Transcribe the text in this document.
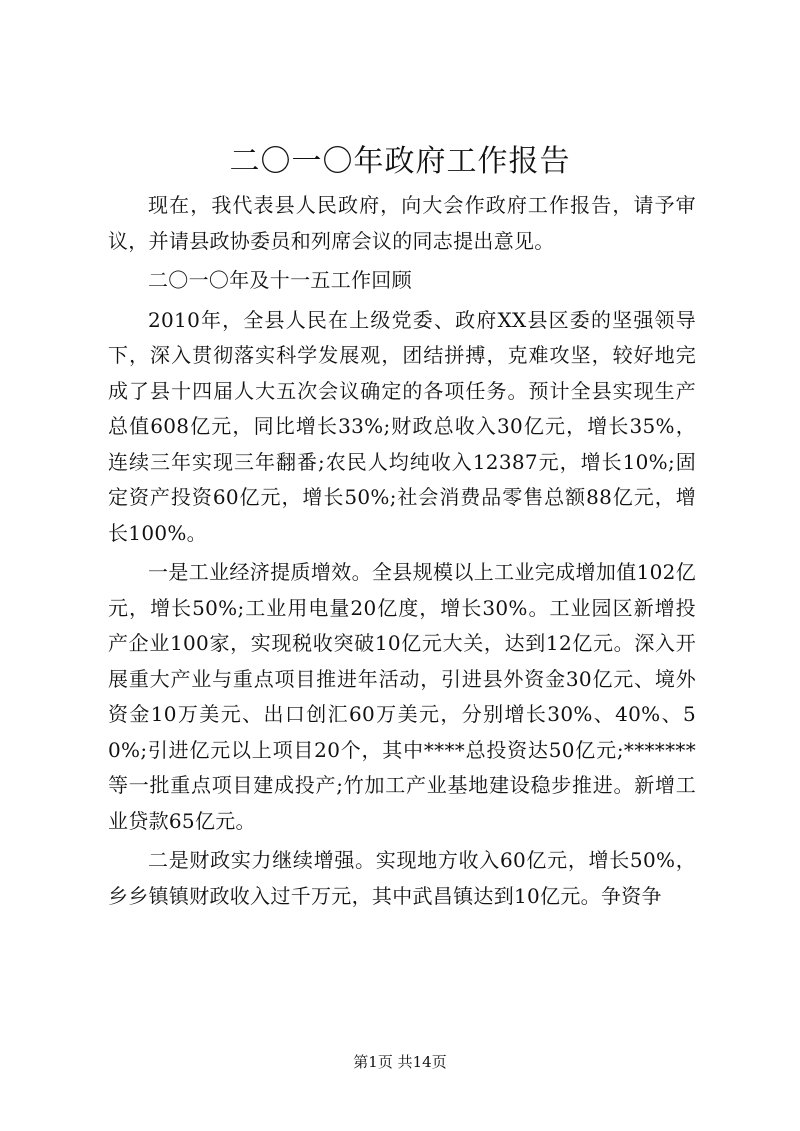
二〇一〇年政府工作报告

现在，我代表县人民政府，向大会作政府工作报告，请予审议，并请县政协委员和列席会议的同志提出意见。

二〇一〇年及十一五工作回顾

2010年，全县人民在上级党委、政府XX县区委的坚强领导下，深入贯彻落实科学发展观，团结拼搏，克难攻坚，较好地完成了县十四届人大五次会议确定的各项任务。预计全县实现生产总值608亿元，同比增长33%;财政总收入30亿元，增长35%，连续三年实现三年翻番;农民人均纯收入12387元，增长10%;固定资产投资60亿元，增长50%;社会消费品零售总额88亿元，增长100%。

一是工业经济提质增效。全县规模以上工业完成增加值102亿元，增长50%;工业用电量20亿度，增长30%。工业园区新增投产企业100家，实现税收突破10亿元大关，达到12亿元。深入开展重大产业与重点项目推进年活动，引进县外资金30亿元、境外资金10万美元、出口创汇60万美元，分别增长30%、40%、50%;引进亿元以上项目20个，其中****总投资达50亿元;*******等一批重点项目建成投产;竹加工产业基地建设稳步推进。新增工业贷款65亿元。

二是财政实力继续增强。实现地方收入60亿元，增长50%，乡乡镇镇财政收入过千万元，其中武昌镇达到10亿元。争资争

第1页 共14页
